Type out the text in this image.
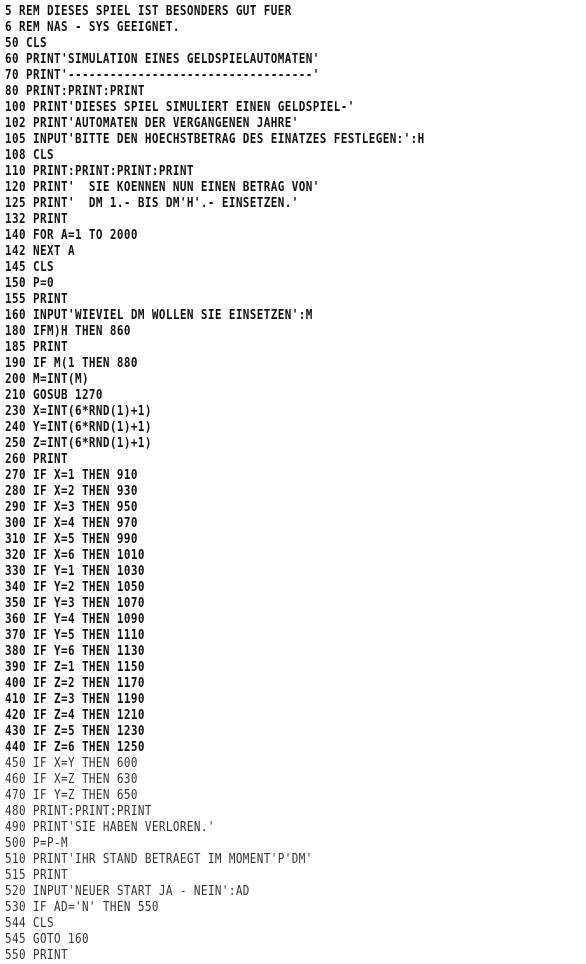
5 REM DIESES SPIEL IST BESONDERS GUT FUER
6 REM NAS - SYS GEEIGNET.
50 CLS
60 PRINT'SIMULATION EINES GELDSPIELAUTOMATEN'
70 PRINT'-----------------------------------'
80 PRINT:PRINT:PRINT
100 PRINT'DIESES SPIEL SIMULIERT EINEN GELDSPIEL-'
102 PRINT'AUTOMATEN DER VERGANGENEN JAHRE'
105 INPUT'BITTE DEN HOECHSTBETRAG DES EINATZES FESTLEGEN:':H
108 CLS
110 PRINT:PRINT:PRINT:PRINT
120 PRINT'  SIE KOENNEN NUN EINEN BETRAG VON'
125 PRINT'  DM 1.- BIS DM'H'.- EINSETZEN.'
132 PRINT
140 FOR A=1 TO 2000
142 NEXT A
145 CLS
150 P=0
155 PRINT
160 INPUT'WIEVIEL DM WOLLEN SIE EINSETZEN':M
180 IFM)H THEN 860
185 PRINT
190 IF M(1 THEN 880
200 M=INT(M)
210 GOSUB 1270
230 X=INT(6*RND(1)+1)
240 Y=INT(6*RND(1)+1)
250 Z=INT(6*RND(1)+1)
260 PRINT
270 IF X=1 THEN 910
280 IF X=2 THEN 930
290 IF X=3 THEN 950
300 IF X=4 THEN 970
310 IF X=5 THEN 990
320 IF X=6 THEN 1010
330 IF Y=1 THEN 1030
340 IF Y=2 THEN 1050
350 IF Y=3 THEN 1070
360 IF Y=4 THEN 1090
370 IF Y=5 THEN 1110
380 IF Y=6 THEN 1130
390 IF Z=1 THEN 1150
400 IF Z=2 THEN 1170
410 IF Z=3 THEN 1190
420 IF Z=4 THEN 1210
430 IF Z=5 THEN 1230
440 IF Z=6 THEN 1250
450 IF X=Y THEN 600
460 IF X=Z THEN 630
470 IF Y=Z THEN 650
480 PRINT:PRINT:PRINT
490 PRINT'SIE HABEN VERLOREN.'
500 P=P-M
510 PRINT'IHR STAND BETRAEGT IM MOMENT'P'DM'
515 PRINT
520 INPUT'NEUER START JA - NEIN':AD
530 IF AD='N' THEN 550
544 CLS
545 GOTO 160
550 PRINT
